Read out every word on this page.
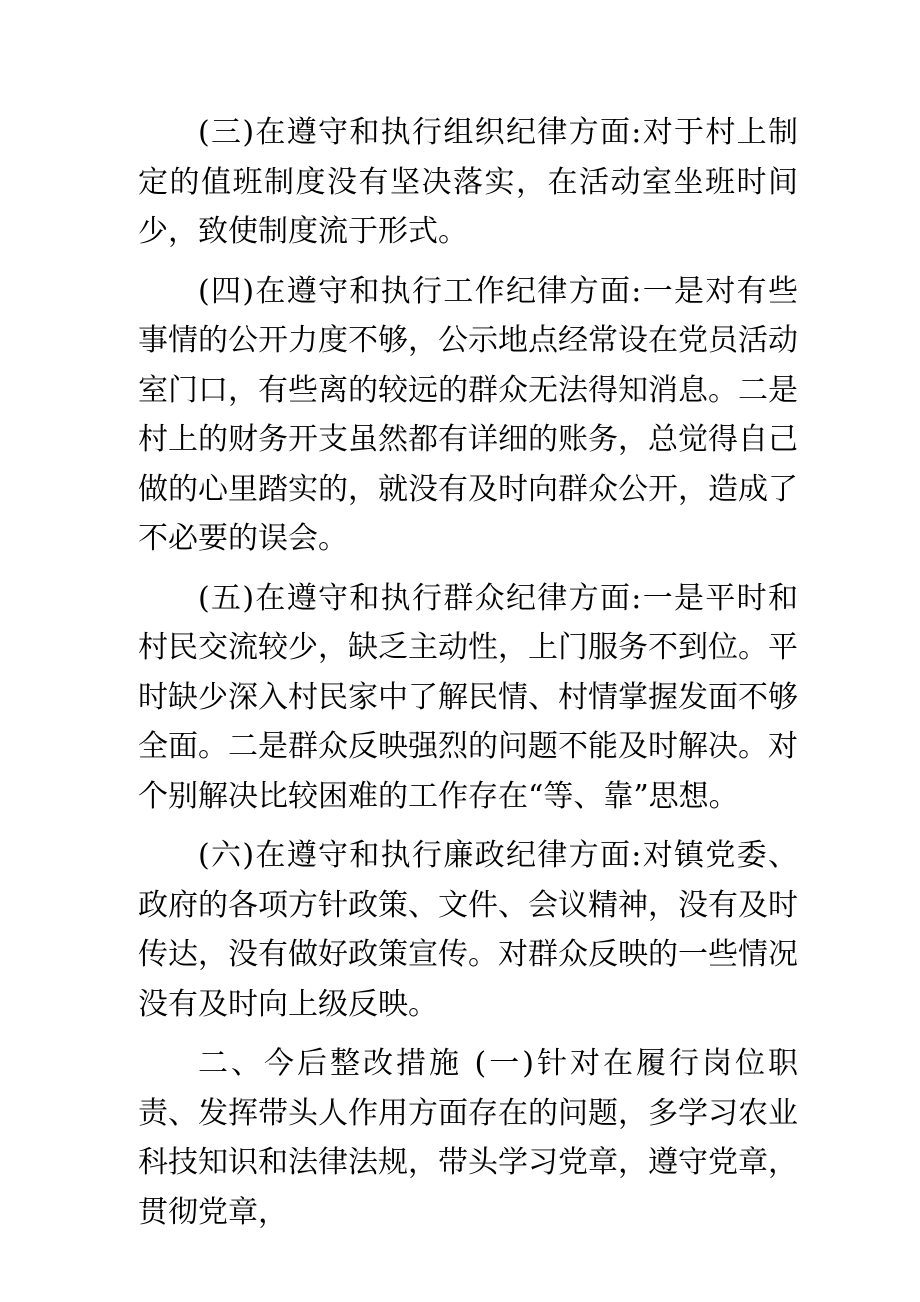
(三)在遵守和执行组织纪律方面:对于村上制定的值班制度没有坚决落实，在活动室坐班时间少，致使制度流于形式。

(四)在遵守和执行工作纪律方面:一是对有些事情的公开力度不够，公示地点经常设在党员活动室门口，有些离的较远的群众无法得知消息。二是村上的财务开支虽然都有详细的账务，总觉得自己做的心里踏实的，就没有及时向群众公开，造成了不必要的误会。

(五)在遵守和执行群众纪律方面:一是平时和村民交流较少，缺乏主动性，上门服务不到位。平时缺少深入村民家中了解民情、村情掌握发面不够全面。二是群众反映强烈的问题不能及时解决。对个别解决比较困难的工作存在“等、靠”思想。

(六)在遵守和执行廉政纪律方面:对镇党委、政府的各项方针政策、文件、会议精神，没有及时传达，没有做好政策宣传。对群众反映的一些情况没有及时向上级反映。

二、今后整改措施 (一)针对在履行岗位职责、发挥带头人作用方面存在的问题，多学习农业科技知识和法律法规，带头学习党章，遵守党章，贯彻党章，
